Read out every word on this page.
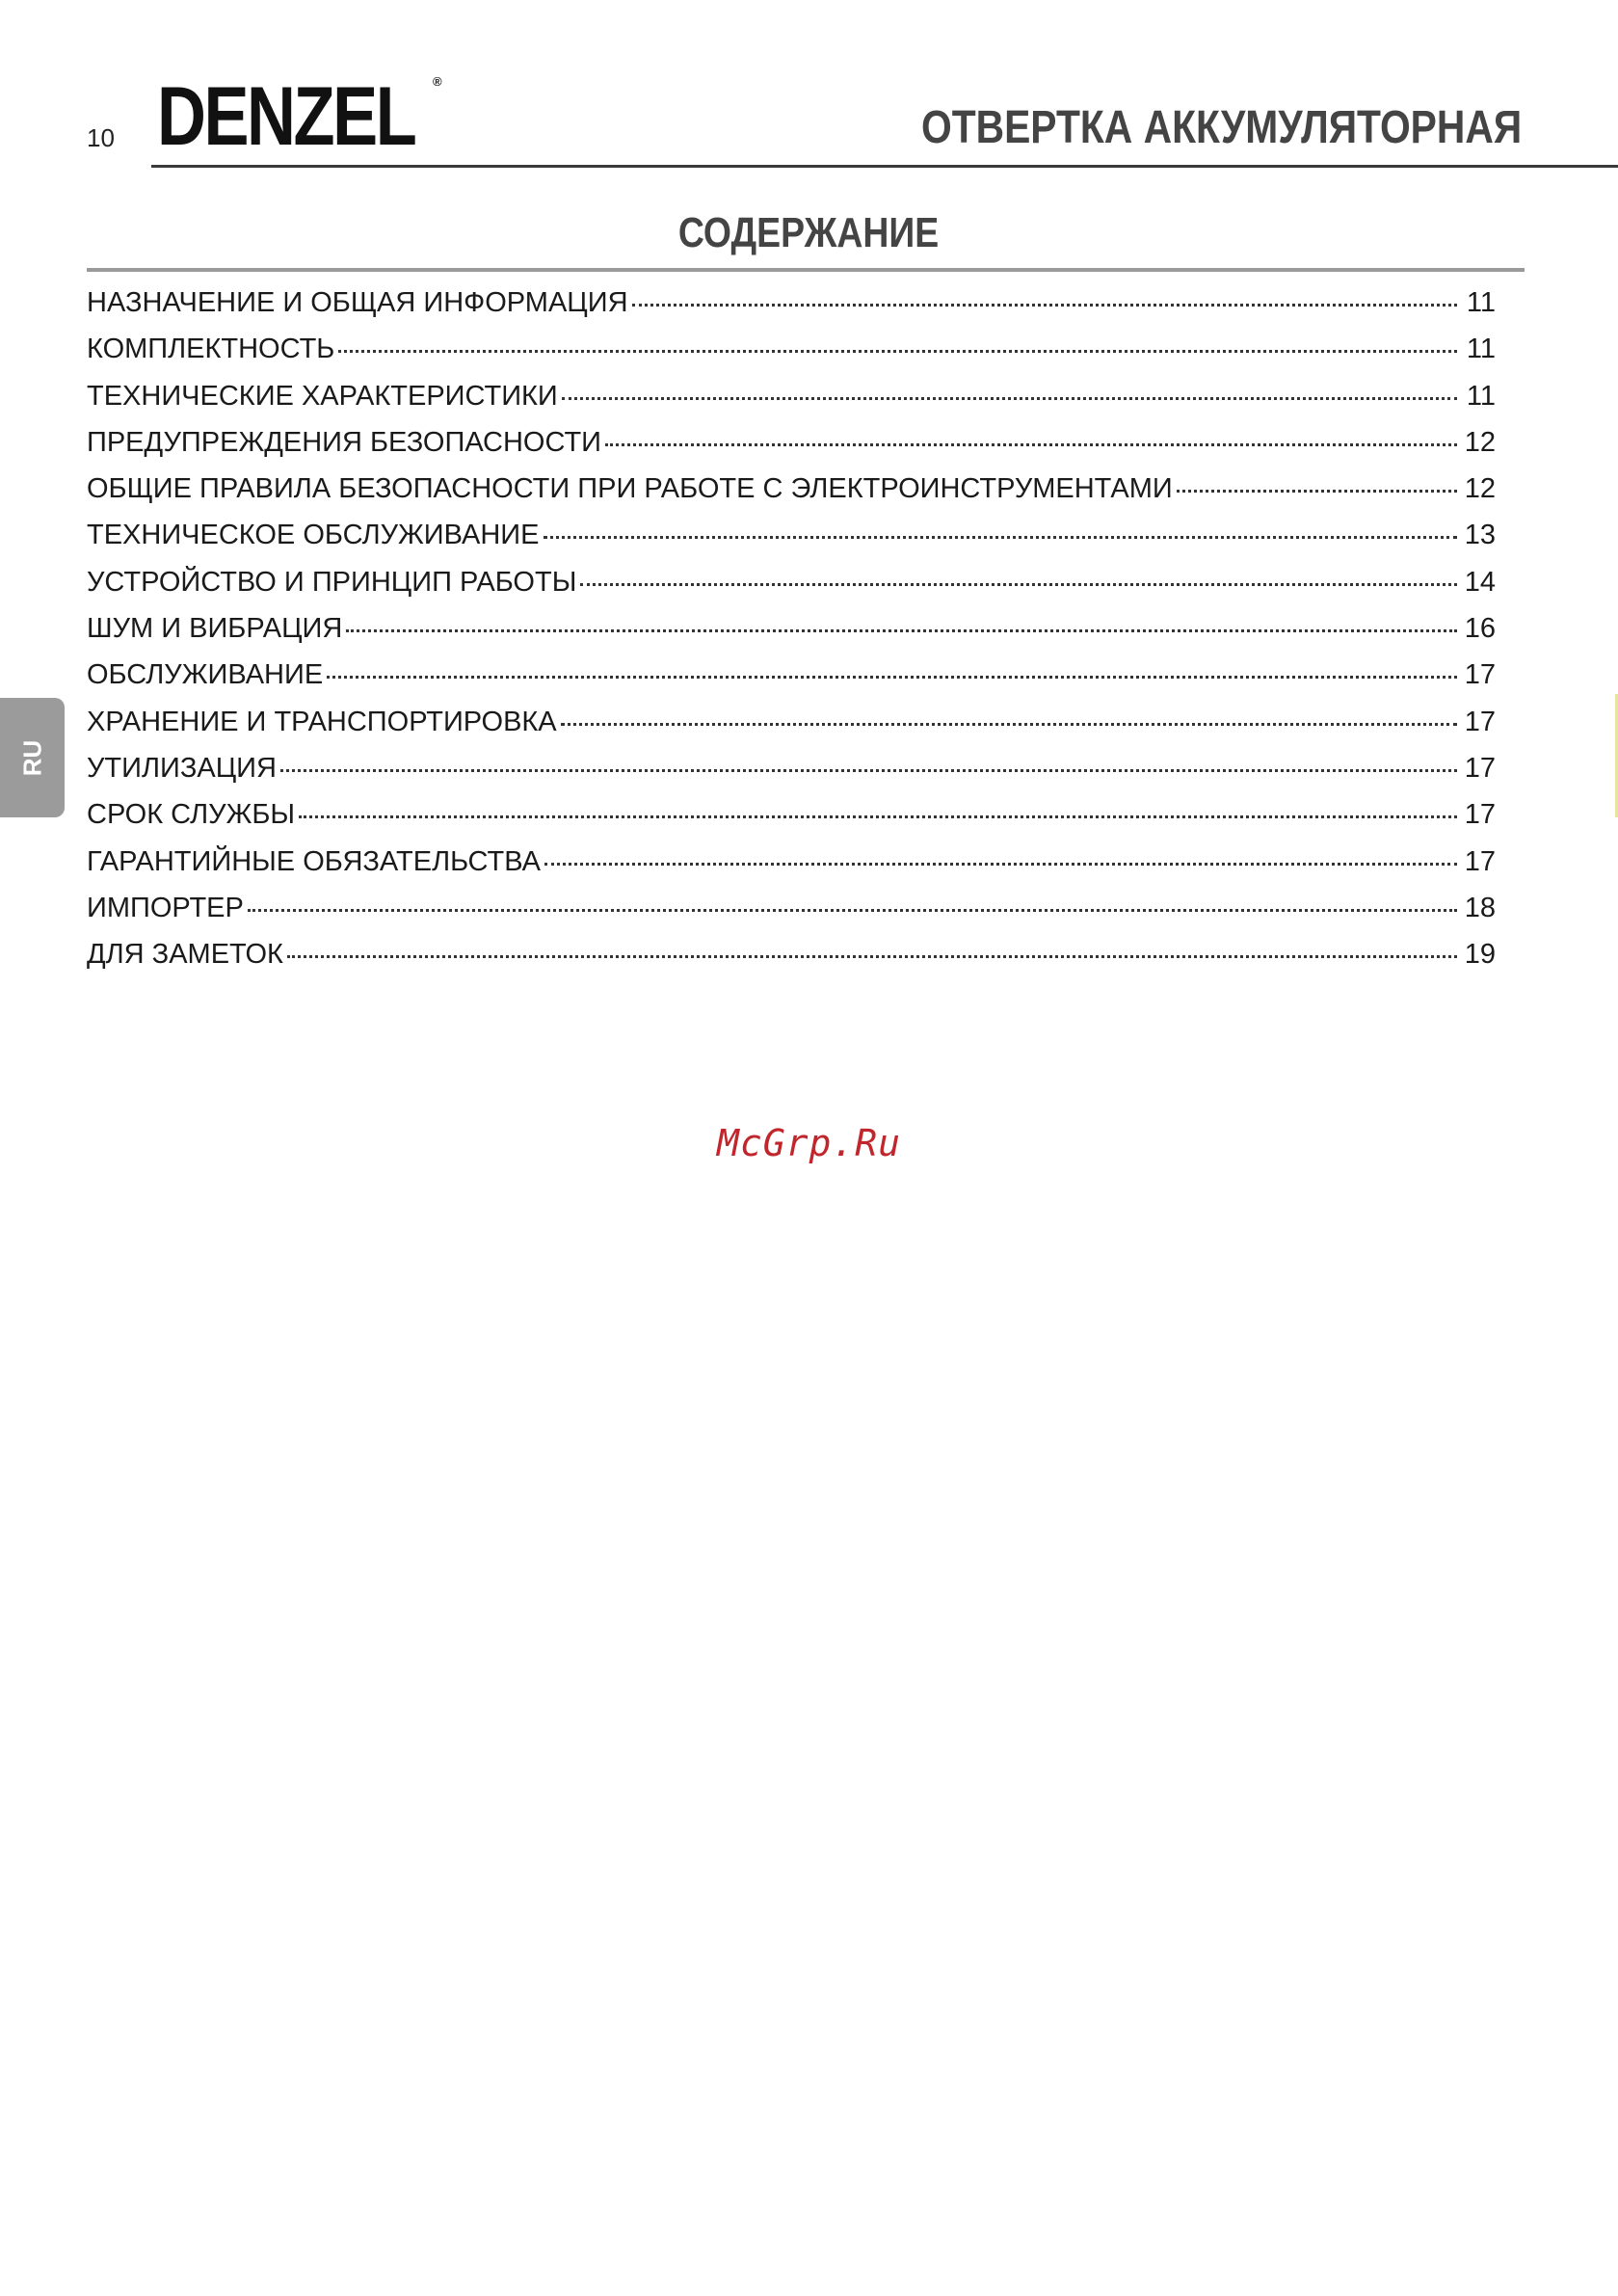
10 DENZEL ®
ОТВЕРТКА АККУМУЛЯТОРНАЯ
СОДЕРЖАНИЕ
НАЗНАЧЕНИЕ И ОБЩАЯ ИНФОРМАЦИЯ	11
КОМПЛЕКТНОСТЬ	11
ТЕХНИЧЕСКИЕ ХАРАКТЕРИСТИКИ	11
ПРЕДУПРЕЖДЕНИЯ БЕЗОПАСНОСТИ	12
ОБЩИЕ ПРАВИЛА БЕЗОПАСНОСТИ ПРИ РАБОТЕ С ЭЛЕКТРОИНСТРУМЕНТАМИ	12
ТЕХНИЧЕСКОЕ ОБСЛУЖИВАНИЕ	13
УСТРОЙСТВО И ПРИНЦИП РАБОТЫ	14
ШУМ И ВИБРАЦИЯ	16
ОБСЛУЖИВАНИЕ	17
ХРАНЕНИЕ И ТРАНСПОРТИРОВКА	17
УТИЛИЗАЦИЯ	17
СРОК СЛУЖБЫ	17
ГАРАНТИЙНЫЕ ОБЯЗАТЕЛЬСТВА	17
ИМПОРТЕР	18
ДЛЯ ЗАМЕТОК	19
RU
McGrp.Ru
